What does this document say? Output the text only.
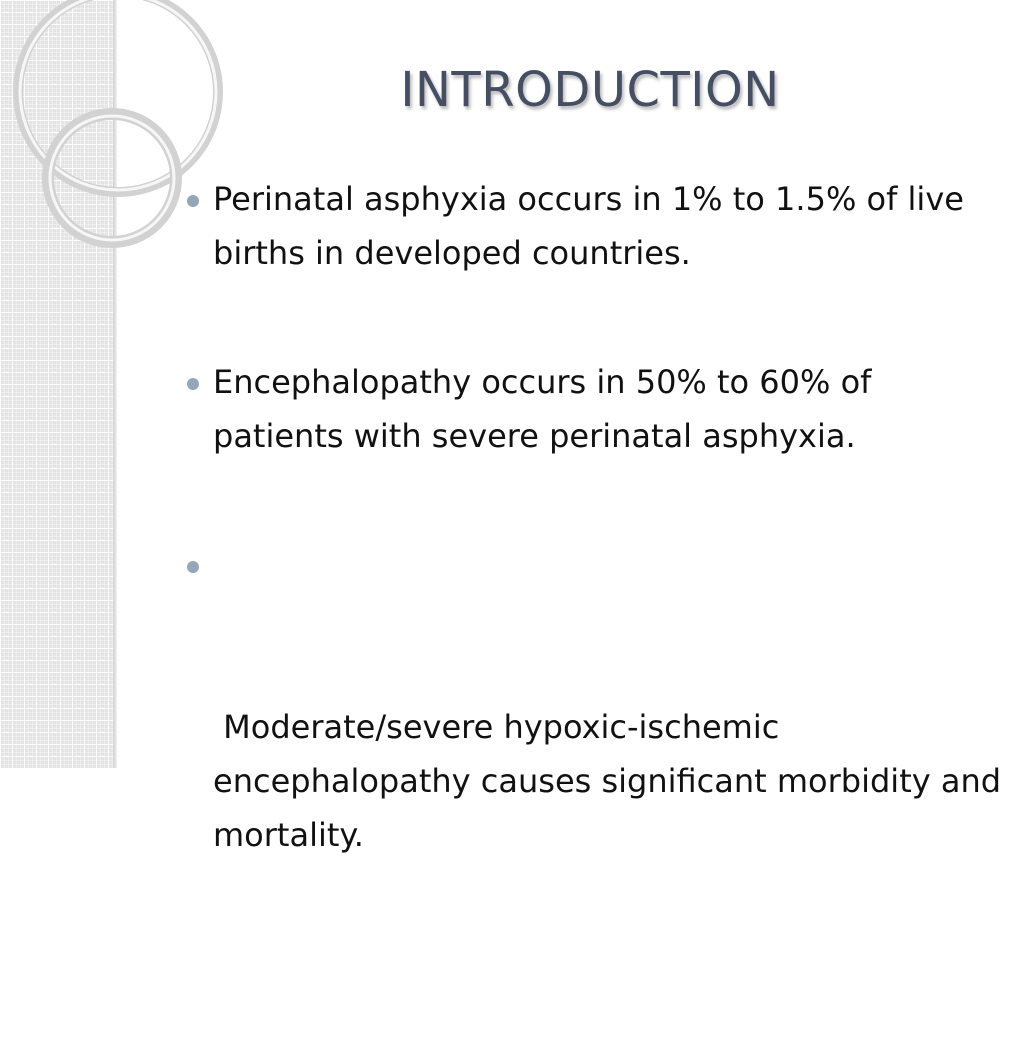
INTRODUCTION
Perinatal asphyxia occurs in 1% to 1.5% of live births in developed countries.
Encephalopathy occurs in 50% to 60% of patients with severe perinatal asphyxia.

Moderate/severe hypoxic-ischemic encephalopathy causes significant morbidity and mortality.
